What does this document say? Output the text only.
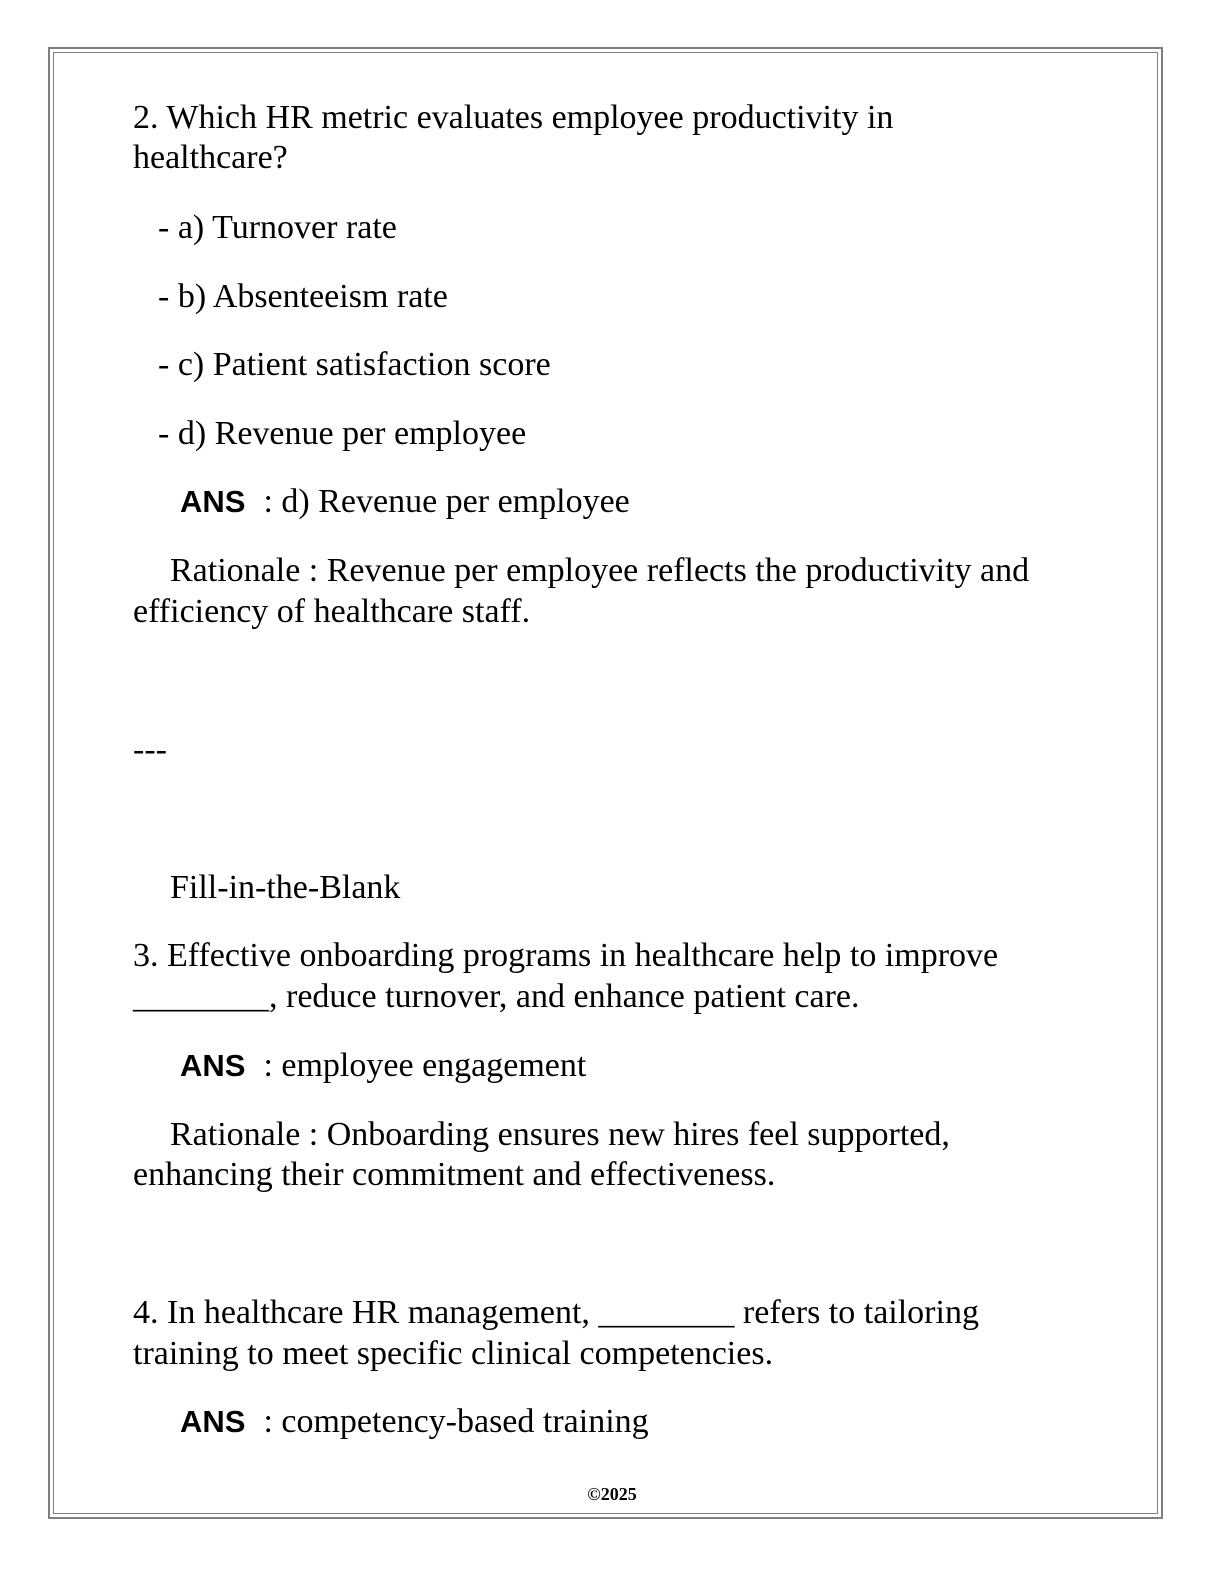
2. Which HR metric evaluates employee productivity in
healthcare?
- a) Turnover rate
- b) Absenteeism rate
- c) Patient satisfaction score
- d) Revenue per employee
ANS : d) Revenue per employee
Rationale : Revenue per employee reflects the productivity and
efficiency of healthcare staff.
---
Fill-in-the-Blank
3. Effective onboarding programs in healthcare help to improve
________, reduce turnover, and enhance patient care.
ANS : employee engagement
Rationale : Onboarding ensures new hires feel supported,
enhancing their commitment and effectiveness.
4. In healthcare HR management, ________ refers to tailoring
training to meet specific clinical competencies.
ANS : competency-based training
©2025
